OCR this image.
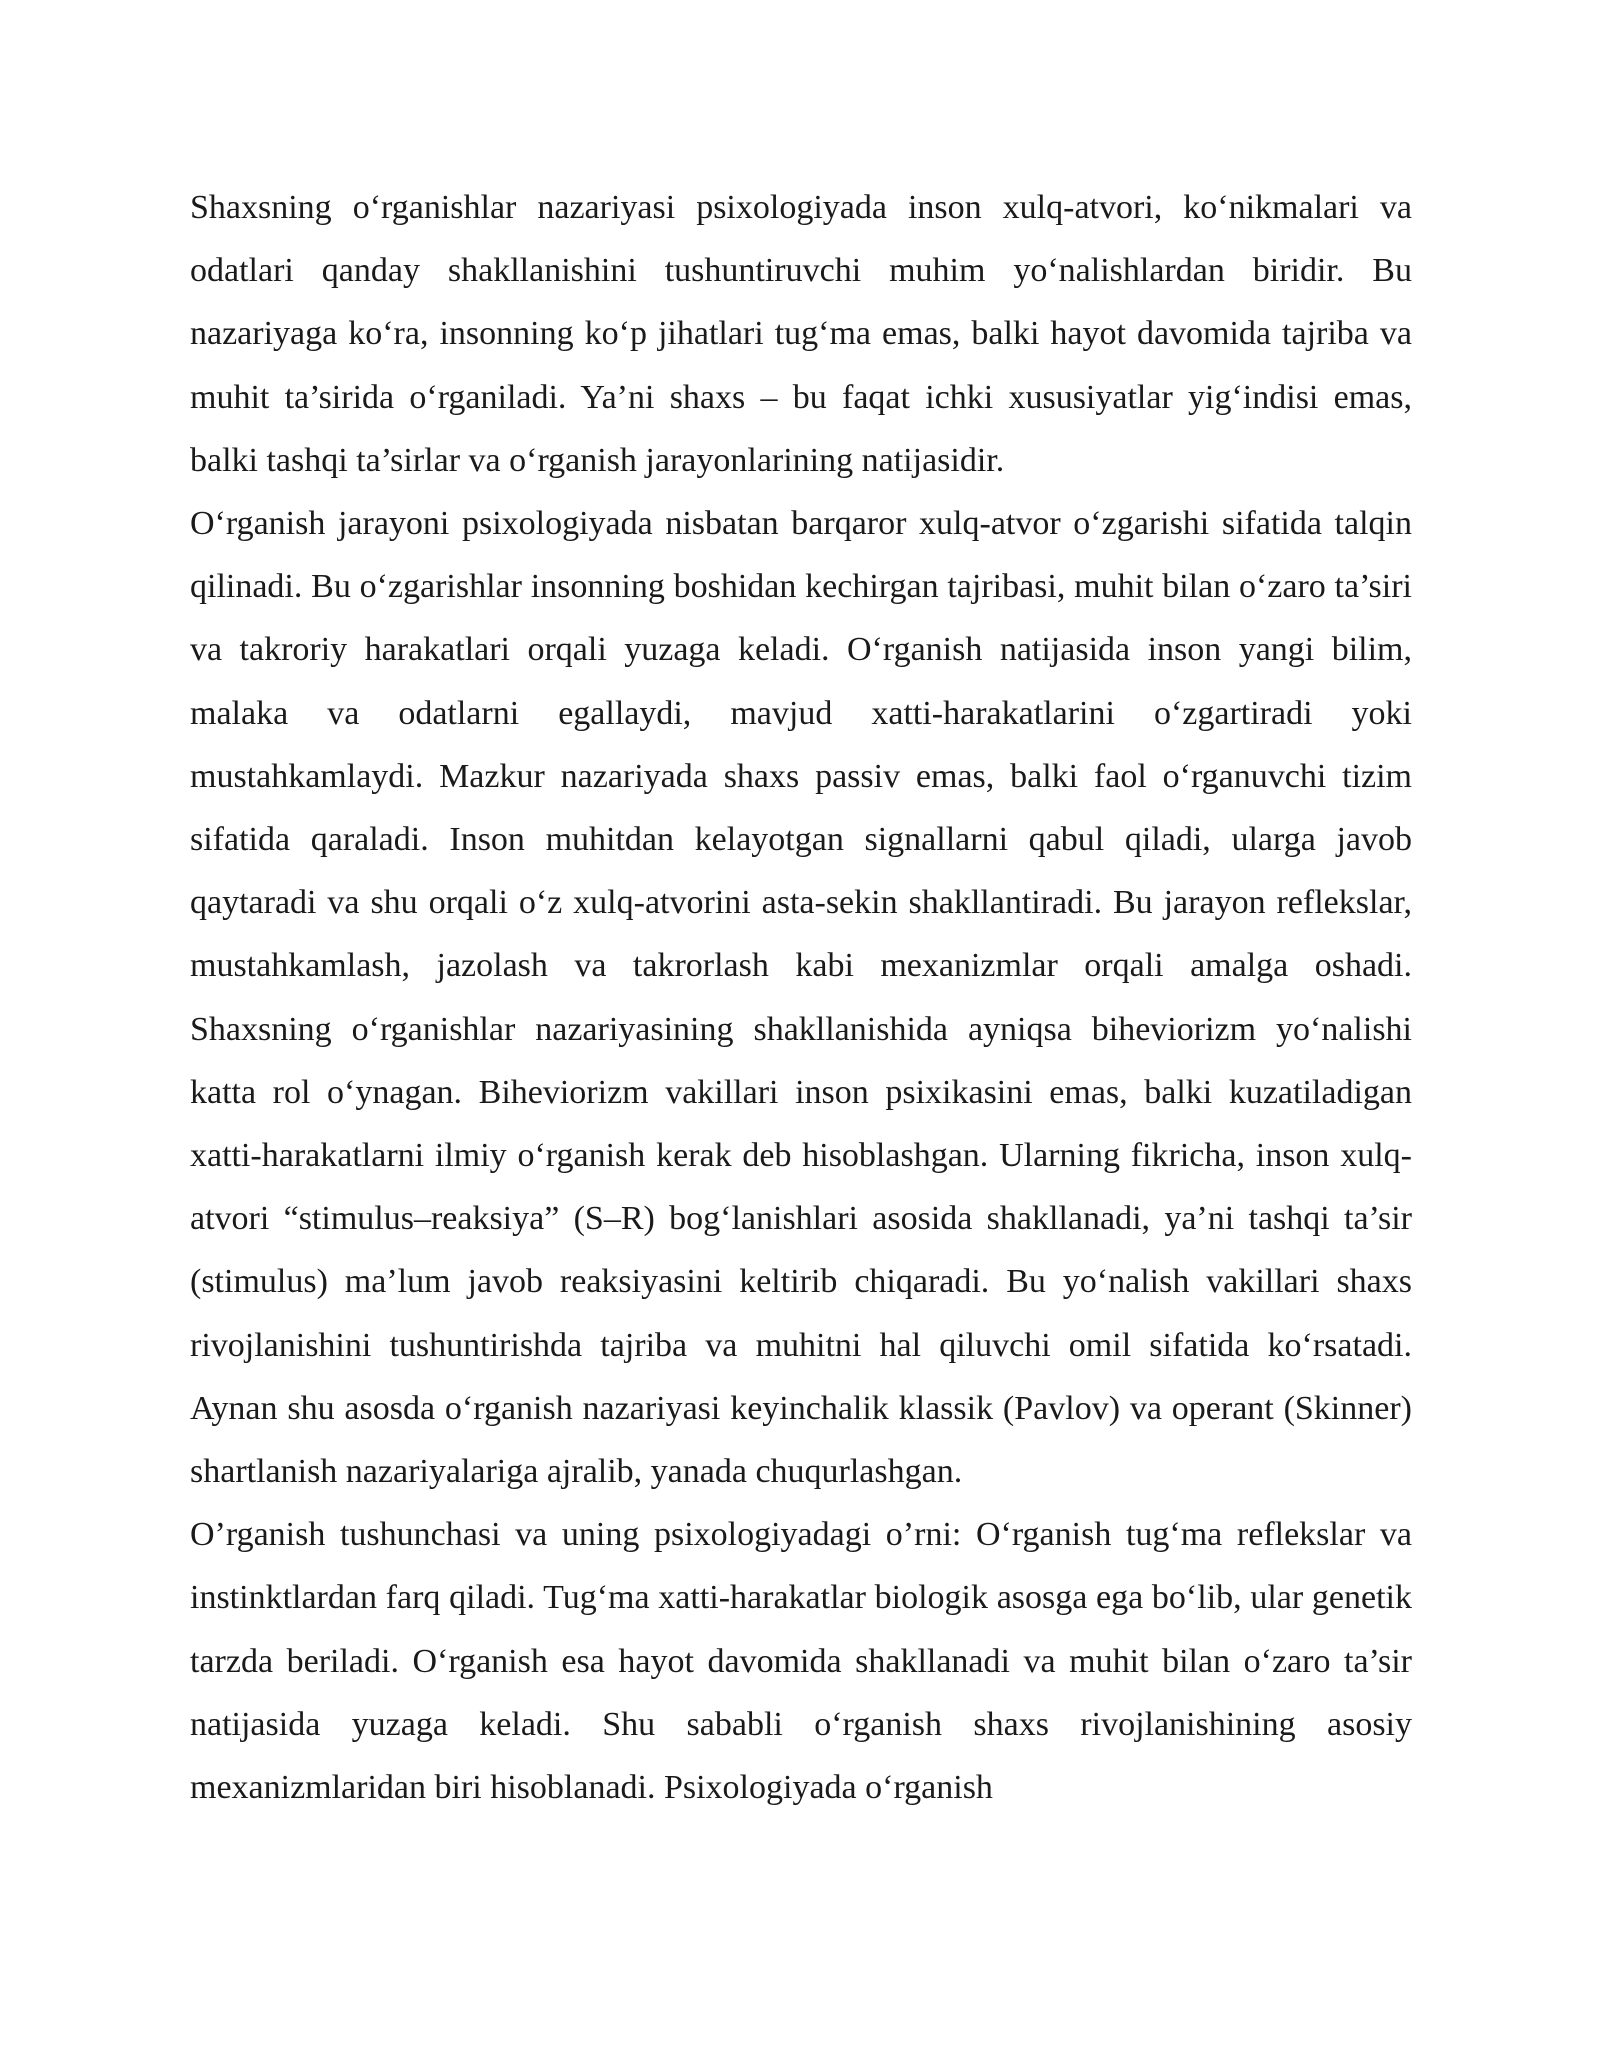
Shaxsning o‘rganishlar nazariyasi psixologiyada inson xulq-atvori, ko‘nikmalari va odatlari qanday shakllanishini tushuntiruvchi muhim yo‘nalishlardan biridir. Bu nazariyaga ko‘ra, insonning ko‘p jihatlari tug‘ma emas, balki hayot davomida tajriba va muhit ta’sirida o‘rganiladi. Ya’ni shaxs – bu faqat ichki xususiyatlar yig‘indisi emas, balki tashqi ta’sirlar va o‘rganish jarayonlarining natijasidir.

O‘rganish jarayoni psixologiyada nisbatan barqaror xulq-atvor o‘zgarishi sifatida talqin qilinadi. Bu o‘zgarishlar insonning boshidan kechirgan tajribasi, muhit bilan o‘zaro ta’siri va takroriy harakatlari orqali yuzaga keladi. O‘rganish natijasida inson yangi bilim, malaka va odatlarni egallaydi, mavjud xatti-harakatlarini o‘zgartiradi yoki mustahkamlaydi. Mazkur nazariyada shaxs passiv emas, balki faol o‘rganuvchi tizim sifatida qaraladi. Inson muhitdan kelayotgan signallarni qabul qiladi, ularga javob qaytaradi va shu orqali o‘z xulq-atvorini asta-sekin shakllantiradi. Bu jarayon reflekslar, mustahkamlash, jazolash va takrorlash kabi mexanizmlar orqali amalga oshadi. Shaxsning o‘rganishlar nazariyasining shakllanishida ayniqsa biheviorizm yo‘nalishi katta rol o‘ynagan. Biheviorizm vakillari inson psixikasini emas, balki kuzatiladigan xatti-harakatlarni ilmiy o‘rganish kerak deb hisoblashgan. Ularning fikricha, inson xulq-atvori “stimulus–reaksiya” (S–R) bog‘lanishlari asosida shakllanadi, ya’ni tashqi ta’sir (stimulus) ma’lum javob reaksiyasini keltirib chiqaradi. Bu yo‘nalish vakillari shaxs rivojlanishini tushuntirishda tajriba va muhitni hal qiluvchi omil sifatida ko‘rsatadi. Aynan shu asosda o‘rganish nazariyasi keyinchalik klassik (Pavlov) va operant (Skinner) shartlanish nazariyalariga ajralib, yanada chuqurlashgan.

O’rganish tushunchasi va uning psixologiyadagi o’rni: O‘rganish tug‘ma reflekslar va instinktlardan farq qiladi. Tug‘ma xatti-harakatlar biologik asosga ega bo‘lib, ular genetik tarzda beriladi. O‘rganish esa hayot davomida shakllanadi va muhit bilan o‘zaro ta’sir natijasida yuzaga keladi. Shu sababli o‘rganish shaxs rivojlanishining asosiy mexanizmlaridan biri hisoblanadi. Psixologiyada o‘rganish
